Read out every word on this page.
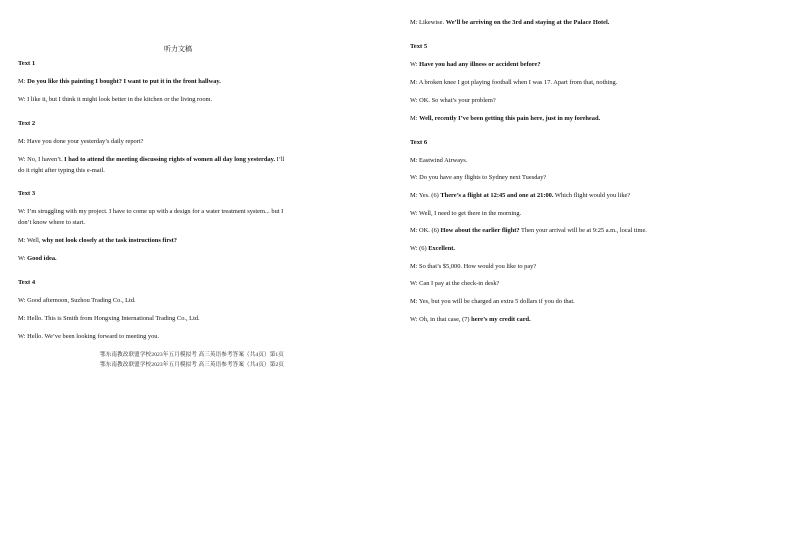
听力文稿
Text 1
M: Do you like this painting I bought? I want to put it in the front hallway.
W: I like it, but I think it might look better in the kitchen or the living room.
Text 2
M: Have you done your yesterday’s daily report?
W: No, I haven’t. I had to attend the meeting discussing rights of women all day long yesterday. I’ll
do it right after typing this e-mail.
Text 3
W: I’m struggling with my project. I have to come up with a design for a water treatment system... but I
don’t know where to start.
M: Well, why not look closely at the task instructions first?
W: Good idea.
Text 4
W: Good afternoon, Suzhou Trading Co., Ltd.
M: Hello. This is Smith from Hongxing International Trading Co., Ltd.
W: Hello. We’ve been looking forward to meeting you.
鄂东南教改联盟学校2023年五月模拟考 高三英语参考答案（共4页）第1页
鄂东南教改联盟学校2023年五月模拟考 高三英语参考答案（共4页）第2页
M: Likewise. We’ll be arriving on the 3rd and staying at the Palace Hotel.
Text 5
W: Have you had any illness or accident before?
M: A broken knee I got playing football when I was 17. Apart from that, nothing.
W: OK. So what’s your problem?
M: Well, recently I’ve been getting this pain here, just in my forehead.
Text 6
M: Eastwind Airways.
W: Do you have any flights to Sydney next Tuesday?
M: Yes. (6) There’s a flight at 12:45 and one at 21:00. Which flight would you like?
W: Well, I need to get there in the morning.
M: OK. (6) How about the earlier flight? Then your arrival will be at 9:25 a.m., local time.
W: (6) Excellent.
M: So that’s $5,000. How would you like to pay?
W: Can I pay at the check-in desk?
M: Yes, but you will be charged an extra 5 dollars if you do that.
W: Oh, in that case, (7) here’s my credit card.
